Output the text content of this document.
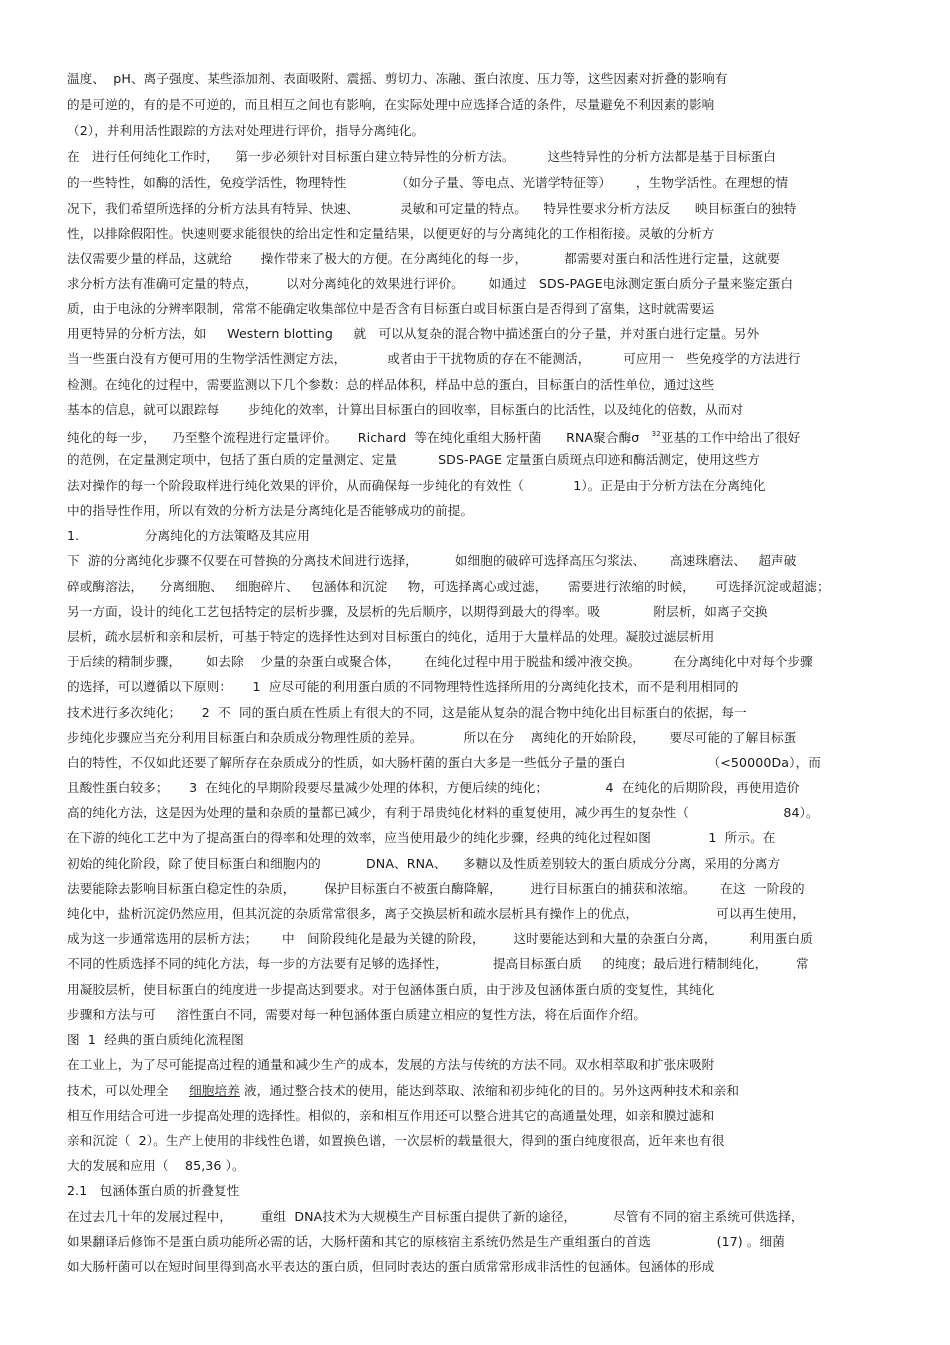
温度、  pH、离子强度、某些添加剂、表面吸附、震摇、剪切力、冻融、蛋白浓度、压力等，这些因素对折叠的影响有
的是可逆的，有的是不可逆的，而且相互之间也有影响，在实际处理中应选择合适的条件，尽量避免不利因素的影响
（2），并利用活性跟踪的方法对处理进行评价，指导分离纯化。
在   进行任何纯化工作时，    第一步必须针对目标蛋白建立特异性的分析方法。        这些特异性的分析方法都是基于目标蛋白
的一些特性，如酶的活性，免疫学活性，物理特性            （如分子量、等电点、光谱学特征等）      ，生物学活性。在理想的情
况下，我们希望所选择的分析方法具有特异、快速、          灵敏和可定量的特点。    特异性要求分析方法反      映目标蛋白的独特
性，以排除假阳性。快速则要求能很快的给出定性和定量结果，以便更好的与分离纯化的工作相衔接。灵敏的分析方
法仅需要少量的样品，这就给       操作带来了极大的方便。在分离纯化的每一步，         都需要对蛋白和活性进行定量，这就要
求分析方法有准确可定量的特点，       以对分离纯化的效果进行评价。      如通过   SDS-PAGE电泳测定蛋白质分子量来鉴定蛋白
质，由于电泳的分辨率限制，常常不能确定收集部位中是否含有目标蛋白或目标蛋白是否得到了富集，这时就需要运
用更特异的分析方法，如     Western blotting     就   可以从复杂的混合物中描述蛋白的分子量，并对蛋白进行定量。另外
当一些蛋白没有方便可用的生物学活性测定方法，          或者由于干扰物质的存在不能测活，        可应用一   些免疫学的方法进行
检测。在纯化的过程中，需要监测以下几个参数：总的样品体积，样品中总的蛋白，目标蛋白的活性单位，通过这些
基本的信息，就可以跟踪每       步纯化的效率，计算出目标蛋白的回收率，目标蛋白的比活性，以及纯化的倍数，从而对
纯化的每一步，    乃至整个流程进行定量评价。     Richard  等在纯化重组大肠杆菌      RNA聚合酶σ   $^{32}$亚基的工作中给出了很好
的范例，在定量测定项中，包括了蛋白质的定量测定、定量          SDS-PAGE 定量蛋白质斑点印迹和酶活测定，使用这些方
法对操作的每一个阶段取样进行纯化效果的评价，从而确保每一步纯化的有效性（            1）。正是由于分析方法在分离纯化
中的指导性作用，所以有效的分析方法是分离纯化是否能够成功的前提。
1.                分离纯化的方法策略及其应用
下  游的分离纯化步骤不仅要在可替换的分离技术间进行选择，         如细胞的破碎可选择高压匀浆法、      高速珠磨法、   超声破
碎或酶溶法，    分离细胞、   细胞碎片、   包涵体和沉淀     物，可选择离心或过滤，     需要进行浓缩的时候，     可选择沉淀或超滤；
另一方面，设计的纯化工艺包括特定的层析步骤，及层析的先后顺序，以期得到最大的得率。吸             附层析，如离子交换
层析，疏水层析和亲和层析，可基于特定的选择性达到对目标蛋白的纯化，适用于大量样品的处理。凝胶过滤层析用
于后续的精制步骤，      如去除    少量的杂蛋白或聚合体，      在纯化过程中用于脱盐和缓冲液交换。        在分离纯化中对每个步骤
的选择，可以遵循以下原则：     1  应尽可能的利用蛋白质的不同物理特性选择所用的分离纯化技术，而不是利用相同的
技术进行多次纯化；     2  不  同的蛋白质在性质上有很大的不同，这是能从复杂的混合物中纯化出目标蛋白的依据，每一
步纯化步骤应当充分利用目标蛋白和杂质成分物理性质的差异。          所以在分    离纯化的开始阶段，      要尽可能的了解目标蛋
白的特性，不仅如此还要了解所存在杂质成分的性质，如大肠杆菌的蛋白大多是一些低分子量的蛋白                    （<50000Da），而
且酸性蛋白较多；     3  在纯化的早期阶段要尽量减少处理的体积，方便后续的纯化；              4  在纯化的后期阶段，再使用造价
高的纯化方法，这是因为处理的量和杂质的量都已减少，有利于昂贵纯化材料的重复使用，减少再生的复杂性（                       84）。
在下游的纯化工艺中为了提高蛋白的得率和处理的效率，应当使用最少的纯化步骤，经典的纯化过程如图              1  所示。在
初始的纯化阶段，除了使目标蛋白和细胞内的           DNA、RNA、    多糖以及性质差别较大的蛋白质成分分离，采用的分离方
法要能除去影响目标蛋白稳定性的杂质，       保护目标蛋白不被蛋白酶降解，       进行目标蛋白的捕获和浓缩。      在这  一阶段的
纯化中，盐析沉淀仍然应用，但其沉淀的杂质常常很多，离子交换层析和疏水层析具有操作上的优点，                   可以再生使用，
成为这一步通常选用的层析方法；      中   间阶段纯化是最为关键的阶段，       这时要能达到和大量的杂蛋白分离，        利用蛋白质
不同的性质选择不同的纯化方法，每一步的方法要有足够的选择性，           提高目标蛋白质     的纯度；最后进行精制纯化，       常
用凝胶层析，使目标蛋白的纯度进一步提高达到要求。对于包涵体蛋白质，由于涉及包涵体蛋白质的变复性，其纯化
步骤和方法与可     溶性蛋白不同，需要对每一种包涵体蛋白质建立相应的复性方法，将在后面作介绍。
图  1  经典的蛋白质纯化流程图
在工业上，为了尽可能提高过程的通量和减少生产的成本，发展的方法与传统的方法不同。双水相萃取和扩张床吸附
技术，可以处理全     细胞培养 液，通过整合技术的使用，能达到萃取、浓缩和初步纯化的目的。另外这两种技术和亲和
相互作用结合可进一步提高处理的选择性。相似的，亲和相互作用还可以整合进其它的高通量处理，如亲和膜过滤和
亲和沉淀（  2）。生产上使用的非线性色谱，如置换色谱，一次层析的载量很大，得到的蛋白纯度很高，近年来也有很
大的发展和应用（    85,36 ）。
2.1   包涵体蛋白质的折叠复性
在过去几十年的发展过程中，       重组  DNA技术为大规模生产目标蛋白提供了新的途径，         尽管有不同的宿主系统可供选择，
如果翻译后修饰不是蛋白质功能所必需的话，大肠杆菌和其它的原核宿主系统仍然是生产重组蛋白的首选                (17) 。细菌
如大肠杆菌可以在短时间里得到高水平表达的蛋白质，但同时表达的蛋白质常常形成非活性的包涵体。包涵体的形成
